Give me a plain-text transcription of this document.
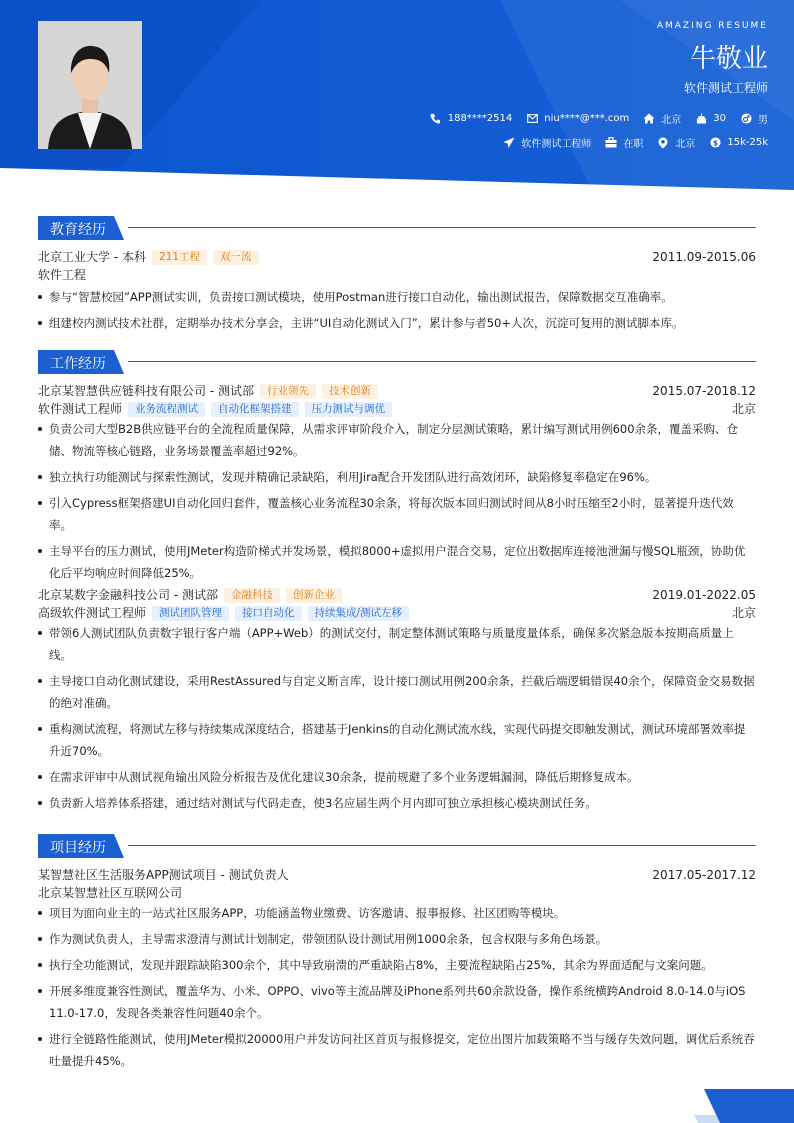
AMAZING RESUME
牛敬业
软件测试工程师
188****2514	niu****@***.com	北京	30	男
软件测试工程师	在职	北京 $ 15k-25k
教育经历
北京工业大学 - 本科	211工程	双一流	2011.09-2015.06
软件工程
参与“智慧校园”APP测试实训，负责接口测试模块，使用Postman进行接口自动化，输出测试报告，保障数据交互准确率。
组建校内测试技术社群，定期举办技术分享会，主讲“UI自动化测试入门”，累计参与者50+人次，沉淀可复用的测试脚本库。
工作经历
北京某智慧供应链科技有限公司 - 测试部	行业领先	技术创新	2015.07-2018.12
软件测试工程师	业务流程测试	自动化框架搭建	压力测试与调优	北京
负责公司大型B2B供应链平台的全流程质量保障，从需求评审阶段介入，制定分层测试策略，累计编写测试用例600余条，覆盖采购、仓储、物流等核心链路，业务场景覆盖率超过92%。
独立执行功能测试与探索性测试，发现并精确记录缺陷，利用Jira配合开发团队进行高效闭环，缺陷修复率稳定在96%。
引入Cypress框架搭建UI自动化回归套件，覆盖核心业务流程30余条，将每次版本回归测试时间从8小时压缩至2小时，显著提升迭代效率。
主导平台的压力测试，使用JMeter构造阶梯式并发场景，模拟8000+虚拟用户混合交易，定位出数据库连接池泄漏与慢SQL瓶颈，协助优化后平均响应时间降低25%。
北京某数字金融科技公司 - 测试部	金融科技	创新企业	2019.01-2022.05
高级软件测试工程师	测试团队管理	接口自动化	持续集成/测试左移	北京
带领6人测试团队负责数字银行客户端（APP+Web）的测试交付，制定整体测试策略与质量度量体系，确保多次紧急版本按期高质量上线。
主导接口自动化测试建设，采用RestAssured与自定义断言库，设计接口测试用例200余条，拦截后端逻辑错误40余个，保障资金交易数据的绝对准确。
重构测试流程，将测试左移与持续集成深度结合，搭建基于Jenkins的自动化测试流水线，实现代码提交即触发测试，测试环境部署效率提升近70%。
在需求评审中从测试视角输出风险分析报告及优化建议30余条，提前规避了多个业务逻辑漏洞，降低后期修复成本。
负责新人培养体系搭建，通过结对测试与代码走查，使3名应届生两个月内即可独立承担核心模块测试任务。
项目经历
某智慧社区生活服务APP测试项目 - 测试负责人	2017.05-2017.12
北京某智慧社区互联网公司
项目为面向业主的一站式社区服务APP，功能涵盖物业缴费、访客邀请、报事报修、社区团购等模块。
作为测试负责人，主导需求澄清与测试计划制定，带领团队设计测试用例1000余条，包含权限与多角色场景。
执行全功能测试，发现并跟踪缺陷300余个，其中导致崩溃的严重缺陷占8%，主要流程缺陷占25%，其余为界面适配与文案问题。
开展多维度兼容性测试，覆盖华为、小米、OPPO、vivo等主流品牌及iPhone系列共60余款设备，操作系统横跨Android 8.0-14.0与iOS 11.0-17.0，发现各类兼容性问题40余个。
进行全链路性能测试，使用JMeter模拟20000用户并发访问社区首页与报修提交，定位出图片加载策略不当与缓存失效问题，调优后系统吞吐量提升45%。
